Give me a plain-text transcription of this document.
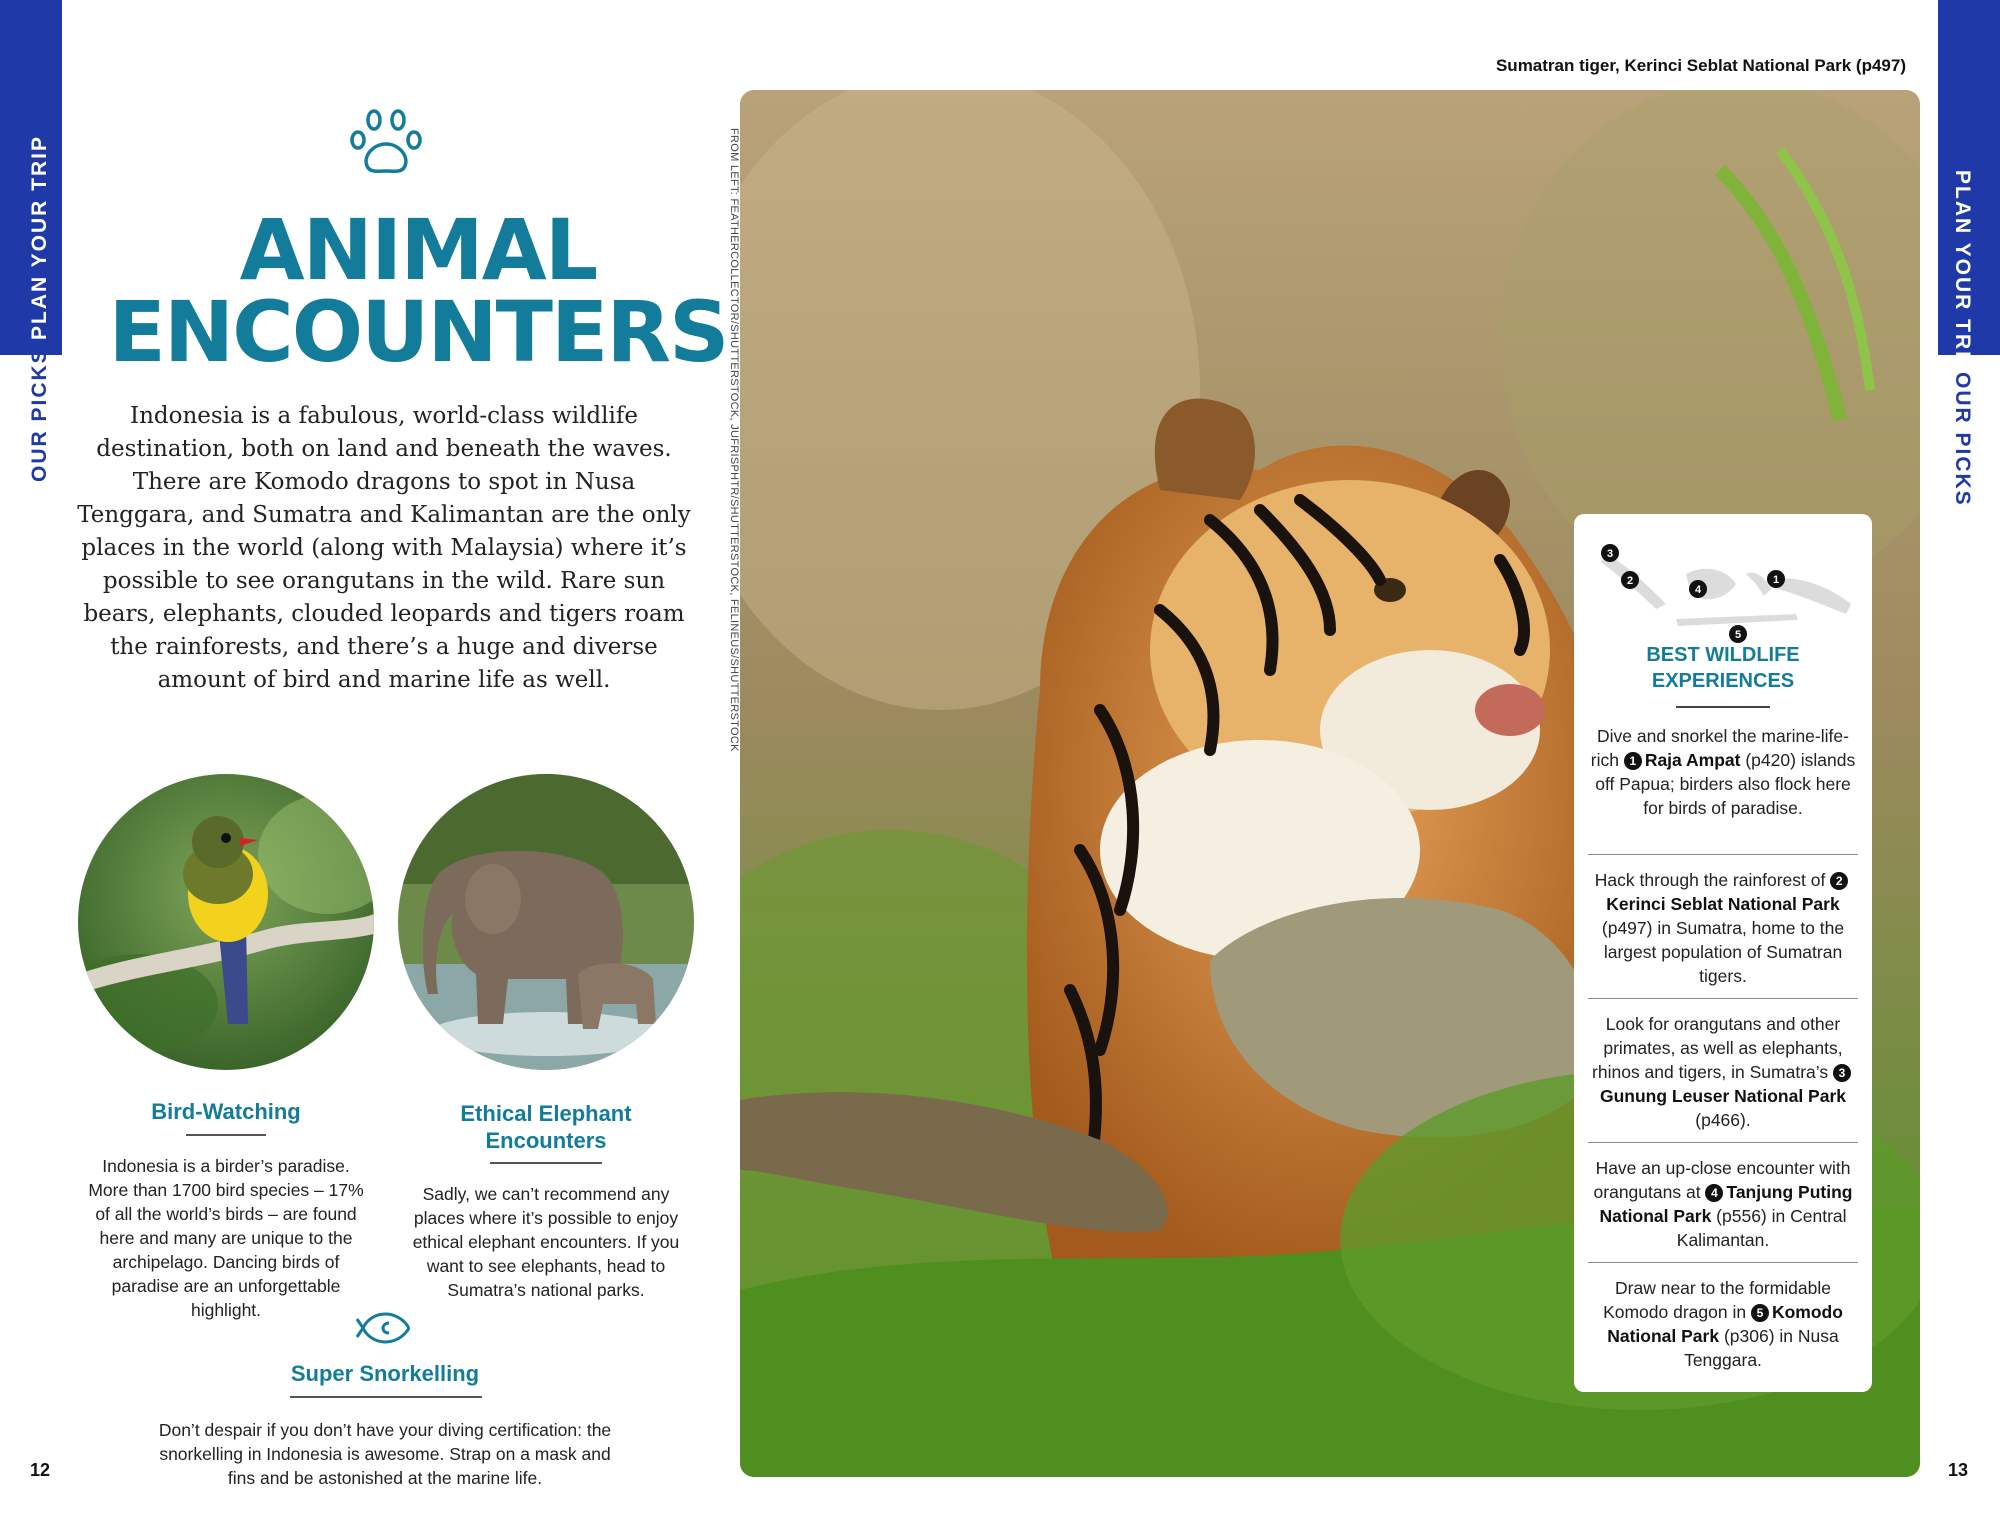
PLAN YOUR TRIP
OUR PICKS
PLAN YOUR TRIP
OUR PICKS
12	13
ANIMAL
ENCOUNTERS

Indonesia is a fabulous, world-class wildlife destination, both on land and beneath the waves. There are Komodo dragons to spot in Nusa Tenggara, and Sumatra and Kalimantan are the only places in the world (along with Malaysia) where it’s possible to see orangutans in the wild. Rare sun bears, elephants, clouded leopards and tigers roam the rainforests, and there’s a huge and diverse amount of bird and marine life as well.

Bird-Watching

Indonesia is a birder’s paradise. More than 1700 bird species – 17% of all the world’s birds – are found here and many are unique to the archipelago. Dancing birds of paradise are an unforgettable highlight.

Ethical Elephant
Encounters

Sadly, we can’t recommend any places where it’s possible to enjoy ethical elephant encounters. If you want to see elephants, head to Sumatra’s national parks.

Super Snorkelling

Don’t despair if you don’t have your diving certification: the snorkelling in Indonesia is awesome. Strap on a mask and fins and be astonished at the marine life.

FROM LEFT: FEATHERCOLLECTOR/SHUTTERSTOCK, JUFRISPHTR/SHUTTERSTOCK, FELINEUS/SHUTTERSTOCK
Sumatran tiger, Kerinci Seblat National Park (p497)
3
2
4
1
5
BEST WILDLIFE
EXPERIENCES
Dive and snorkel the marine-life-rich 1 Raja Ampat (p420) islands off Papua; birders also flock here for birds of paradise.
Hack through the rainforest of 2Kerinci Seblat National Park (p497) in Sumatra, home to the largest population of Sumatran tigers.
Look for orangutans and other primates, as well as elephants, rhinos and tigers, in Sumatra’s 3Gunung Leuser National Park (p466).
Have an up-close encounter with orangutans at 4 Tanjung Puting National Park (p556) in Central Kalimantan.
Draw near to the formidable Komodo dragon in 5 Komodo National Park (p306) in Nusa Tenggara.
